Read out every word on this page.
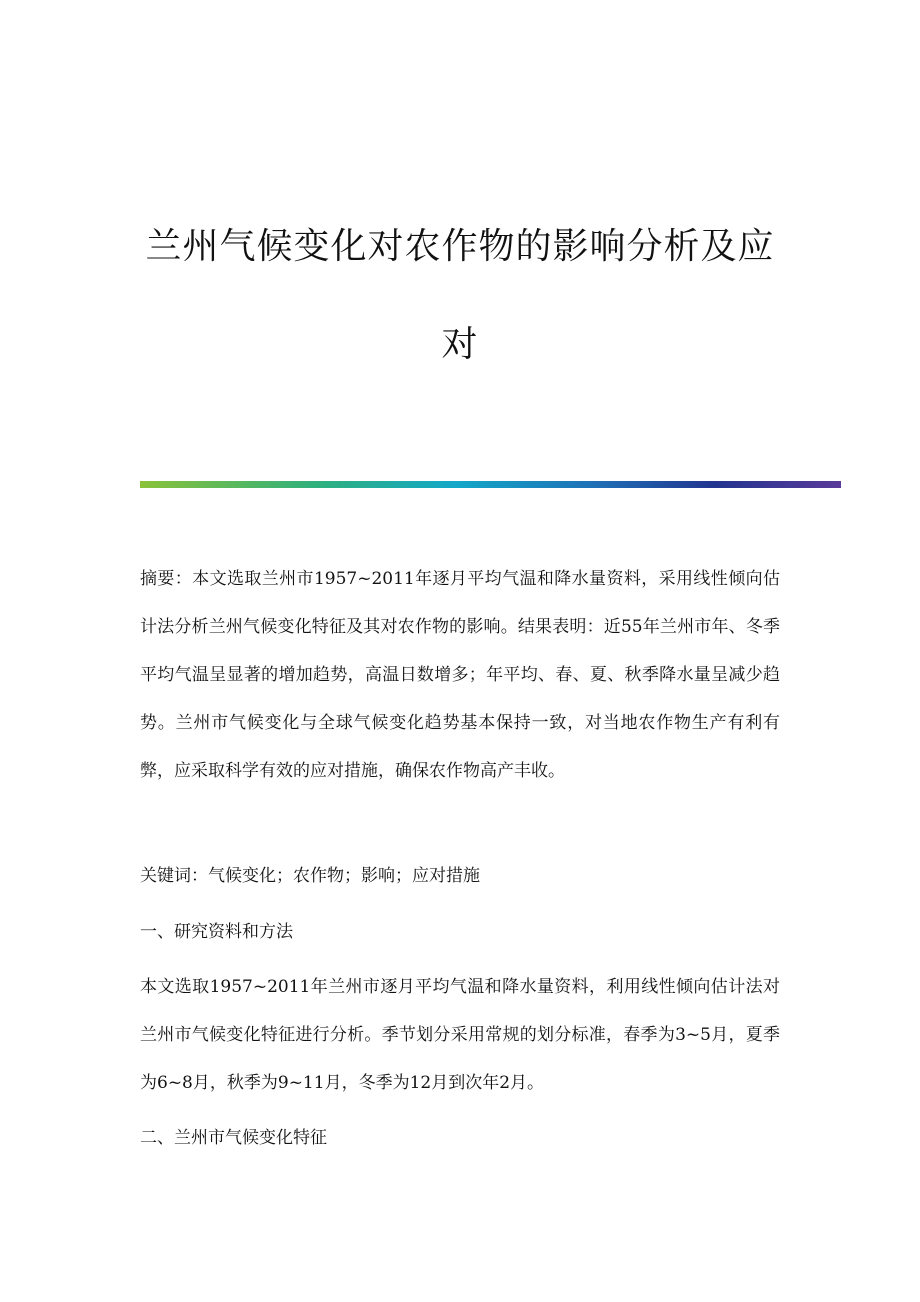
兰州气候变化对农作物的影响分析及应
对

摘要：本文选取兰州市1957~2011年逐月平均气温和降水量资料，采用线性倾向估计法分析兰州气候变化特征及其对农作物的影响。结果表明：近55年兰州市年、冬季平均气温呈显著的增加趋势，高温日数增多；年平均、春、夏、秋季降水量呈减少趋势。兰州市气候变化与全球气候变化趋势基本保持一致，对当地农作物生产有利有弊，应采取科学有效的应对措施，确保农作物高产丰收。

关键词：气候变化；农作物；影响；应对措施

一、研究资料和方法

本文选取1957~2011年兰州市逐月平均气温和降水量资料，利用线性倾向估计法对兰州市气候变化特征进行分析。季节划分采用常规的划分标准，春季为3~5月，夏季为6~8月，秋季为9~11月，冬季为12月到次年2月。

二、兰州市气候变化特征
